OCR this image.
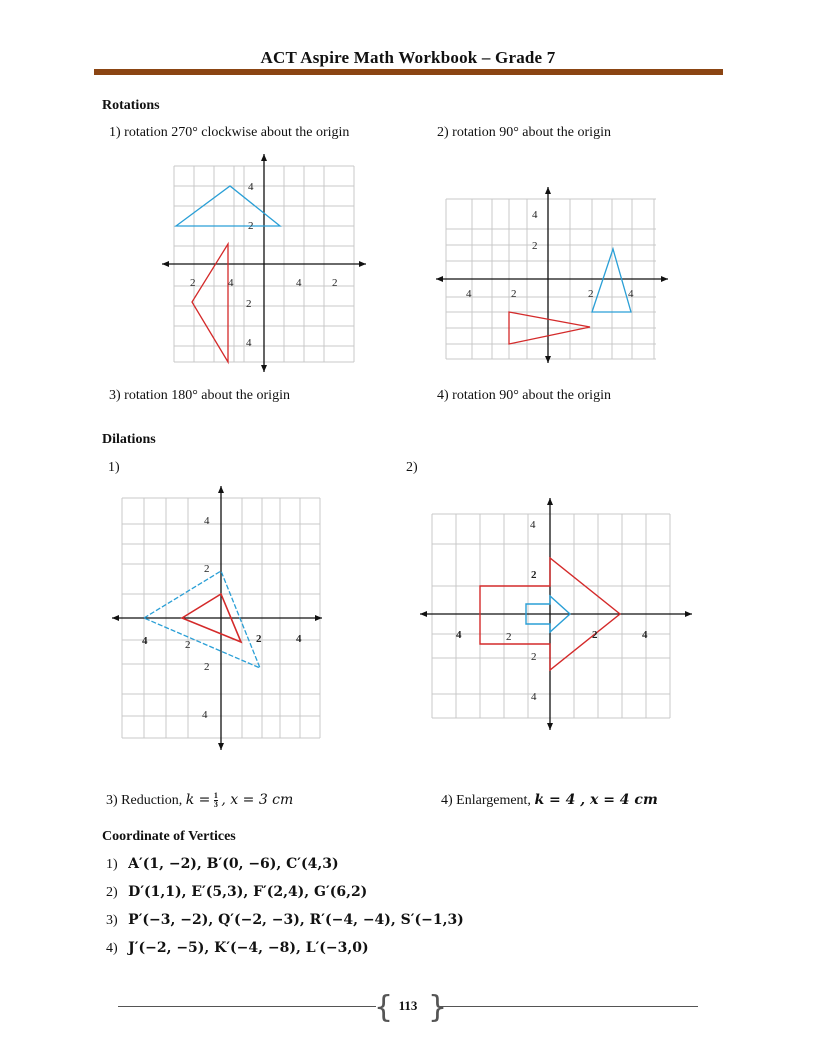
ACT Aspire Math Workbook – Grade 7
Rotations
1) rotation 270° clockwise about the origin	2) rotation 90° about the origin
3) rotation 180° about the origin	4) rotation 90° about the origin
4
2
2	4	4	2
2
4
4
2
4	2	2	4
Dilations
1)	2)
4
2
4	2	2	4
2
4
4
2
4	2	2	4
2
4
3) Reduction, $k = \frac{1}{3}$ , x = 3 cm	4) Enlargement, k = 4 , x = 4 cm
Coordinate of Vertices
1) A′(1, −2), B′(0, −6), C′(4,3)
2) D′(1,1), E′(5,3), F′(2,4), G′(6,2)
3) P′(−3, −2), Q′(−2, −3), R′(−4, −4), S′(−1,3)
4) J′(−2, −5), K′(−4, −8), L′(−3,0)
{ }
113
